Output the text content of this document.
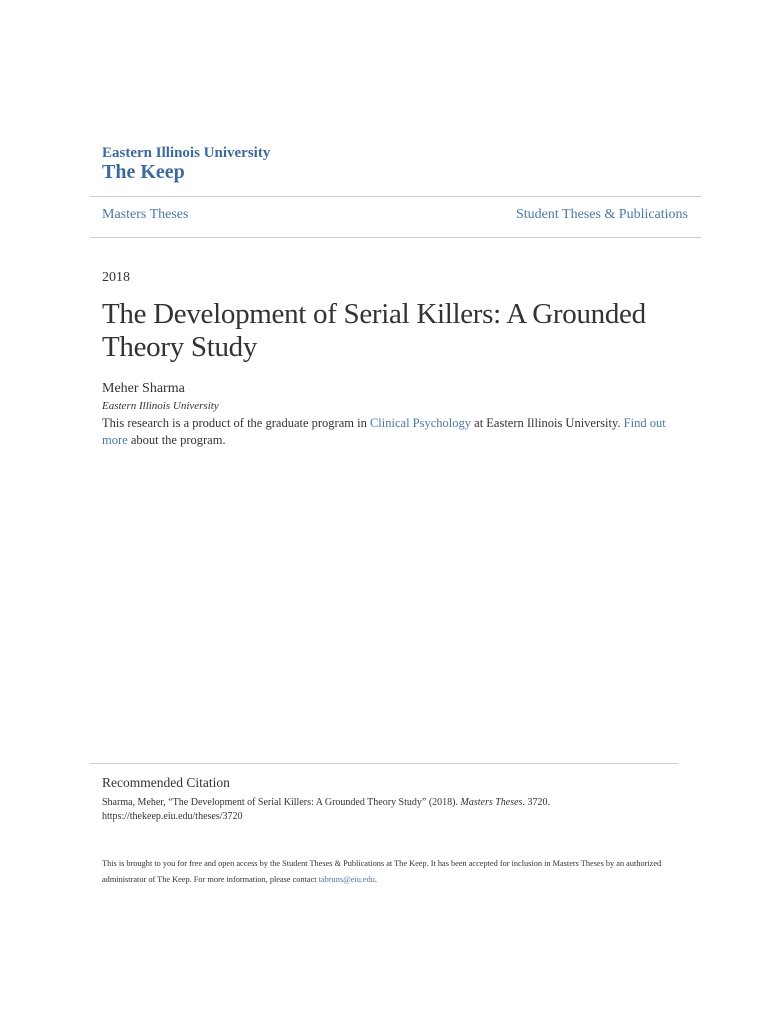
Eastern Illinois University
The Keep
Masters Theses	Student Theses & Publications
2018
The Development of Serial Killers: A Grounded Theory Study
Meher Sharma
Eastern Illinois University
This research is a product of the graduate program in Clinical Psychology at Eastern Illinois University. Find out more about the program.
Recommended Citation
Sharma, Meher, “The Development of Serial Killers: A Grounded Theory Study” (2018). Masters Theses. 3720.
https://thekeep.eiu.edu/theses/3720
This is brought to you for free and open access by the Student Theses & Publications at The Keep. It has been accepted for inclusion in Masters Theses by an authorized administrator of The Keep. For more information, please contact tabruns@eiu.edu.
